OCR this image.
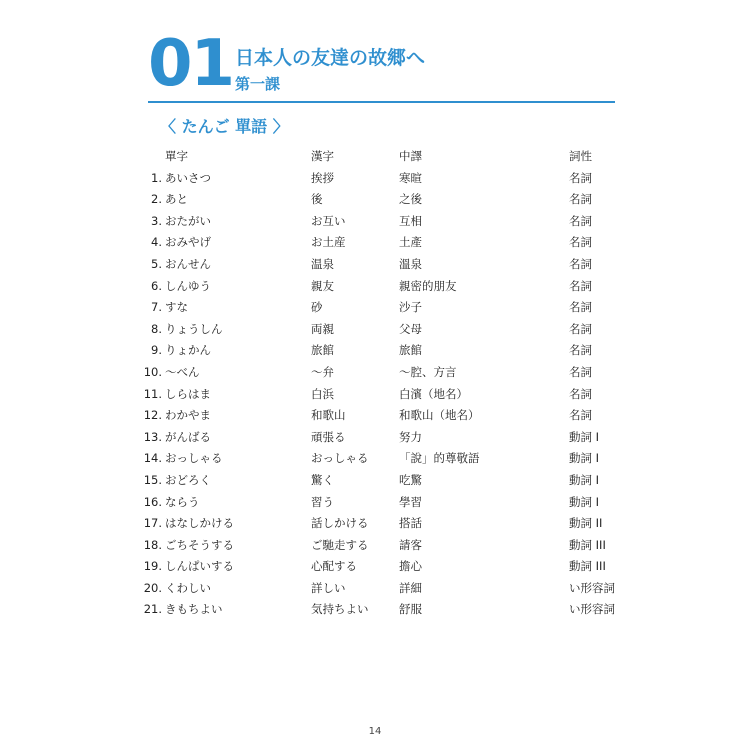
01 日本人の友達の故郷へ
第一課
〈 たんご 單語 〉
單字	漢字	中譯	詞性
1. あいさつ	挨拶	寒暄	名詞
2. あと	後	之後	名詞
3. おたがい	お互い	互相	名詞
4. おみやげ	お土産	土產	名詞
5. おんせん	温泉	溫泉	名詞
6. しんゆう	親友	親密的朋友	名詞
7. すな	砂	沙子	名詞
8. りょうしん	両親	父母	名詞
9. りょかん	旅館	旅館	名詞
10. ～べん	～弁	～腔、方言	名詞
11. しらはま	白浜	白濱（地名）	名詞
12. わかやま	和歌山	和歌山（地名）	名詞
13. がんばる	頑張る	努力	動詞 I
14. おっしゃる	おっしゃる	「說」的尊敬語	動詞 I
15. おどろく	驚く	吃驚	動詞 I
16. ならう	習う	學習	動詞 I
17. はなしかける	話しかける	搭話	動詞 II
18. ごちそうする	ご馳走する	請客	動詞 III
19. しんぱいする	心配する	擔心	動詞 III
20. くわしい	詳しい	詳細	い形容詞
21. きもちよい	気持ちよい	舒服	い形容詞
14
